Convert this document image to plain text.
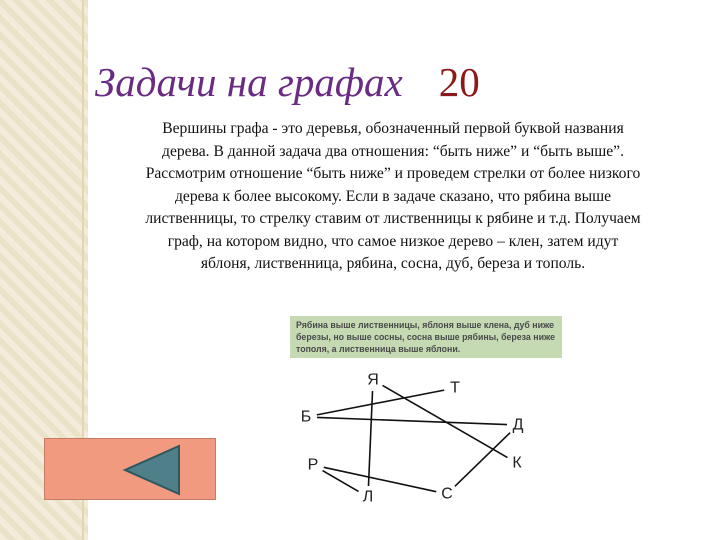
Задачи на графах 20
Вершины графа - это деревья, обозначенный первой буквой названия дерева. В данной задача два отношения: “быть ниже” и “быть выше”. Рассмотрим отношение “быть ниже” и проведем стрелки от более низкого дерева к более высокому. Если в задаче сказано, что рябина выше лиственницы, то стрелку ставим от лиственницы к рябине и т.д. Получаем граф, на котором видно, что самое низкое дерево – клен, затем идут яблоня, лиственница, рябина, сосна, дуб, береза и тополь.
Рябина выше лиственницы, яблоня выше клена, дуб ниже березы, но выше сосны, сосна выше рябины, береза ниже тополя, а лиственница выше яблони.
Я	Т
Б	Д
Р	К
Л	С
